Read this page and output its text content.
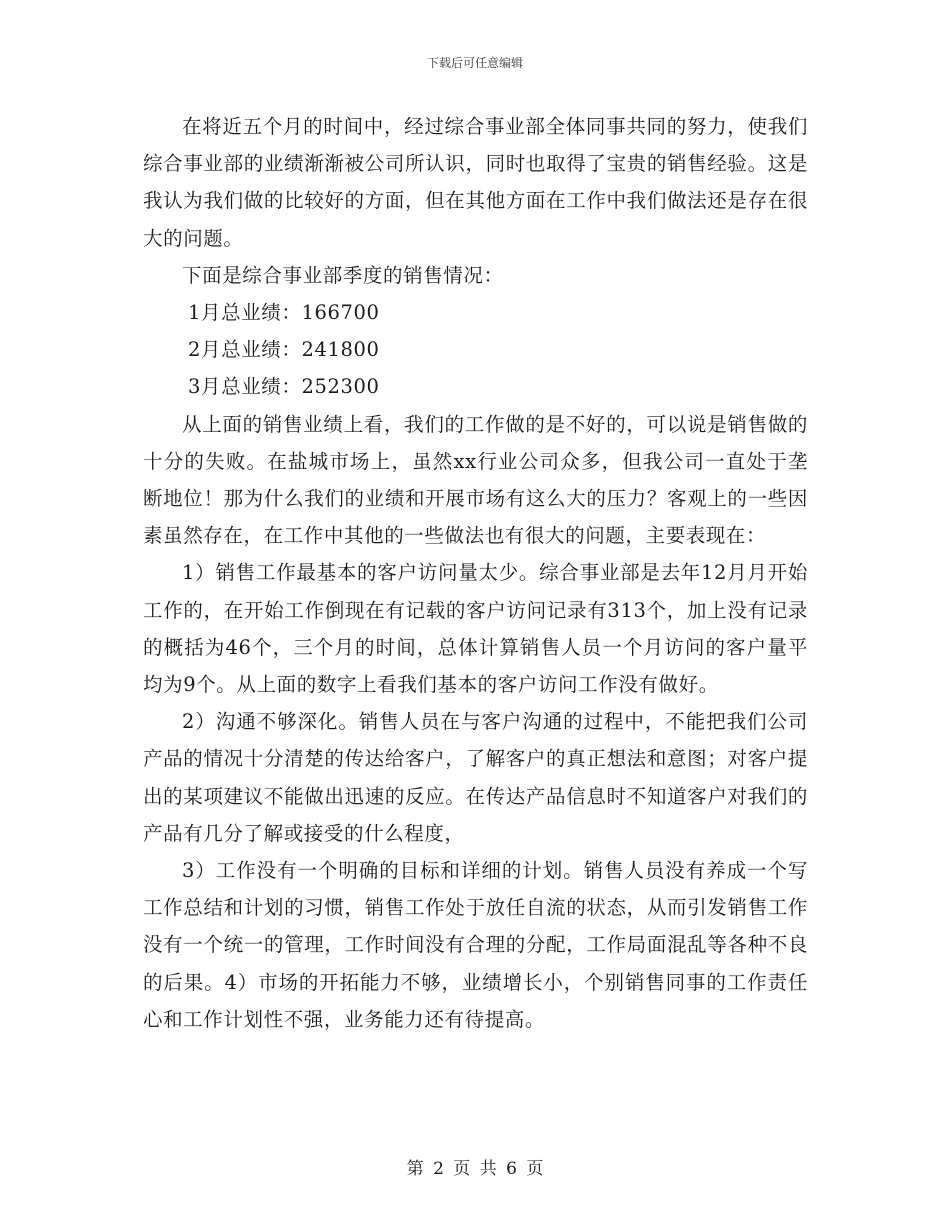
下载后可任意编辑

在将近五个月的时间中，经过综合事业部全体同事共同的努力，使我们综合事业部的业绩渐渐被公司所认识，同时也取得了宝贵的销售经验。这是我认为我们做的比较好的方面，但在其他方面在工作中我们做法还是存在很大的问题。

下面是综合事业部季度的销售情况：

1月总业绩：166700

2月总业绩：241800

3月总业绩：252300

从上面的销售业绩上看，我们的工作做的是不好的，可以说是销售做的十分的失败。在盐城市场上，虽然xx行业公司众多，但我公司一直处于垄断地位！那为什么我们的业绩和开展市场有这么大的压力？客观上的一些因素虽然存在，在工作中其他的一些做法也有很大的问题，主要表现在：

1）销售工作最基本的客户访问量太少。综合事业部是去年12月月开始工作的，在开始工作倒现在有记载的客户访问记录有313个，加上没有记录的概括为46个，三个月的时间，总体计算销售人员一个月访问的客户量平均为9个。从上面的数字上看我们基本的客户访问工作没有做好。

2）沟通不够深化。销售人员在与客户沟通的过程中，不能把我们公司产品的情况十分清楚的传达给客户，了解客户的真正想法和意图；对客户提出的某项建议不能做出迅速的反应。在传达产品信息时不知道客户对我们的产品有几分了解或接受的什么程度，

3）工作没有一个明确的目标和详细的计划。销售人员没有养成一个写工作总结和计划的习惯，销售工作处于放任自流的状态，从而引发销售工作没有一个统一的管理，工作时间没有合理的分配，工作局面混乱等各种不良的后果。4）市场的开拓能力不够，业绩增长小，个别销售同事的工作责任心和工作计划性不强，业务能力还有待提高。

第 2 页 共 6 页
